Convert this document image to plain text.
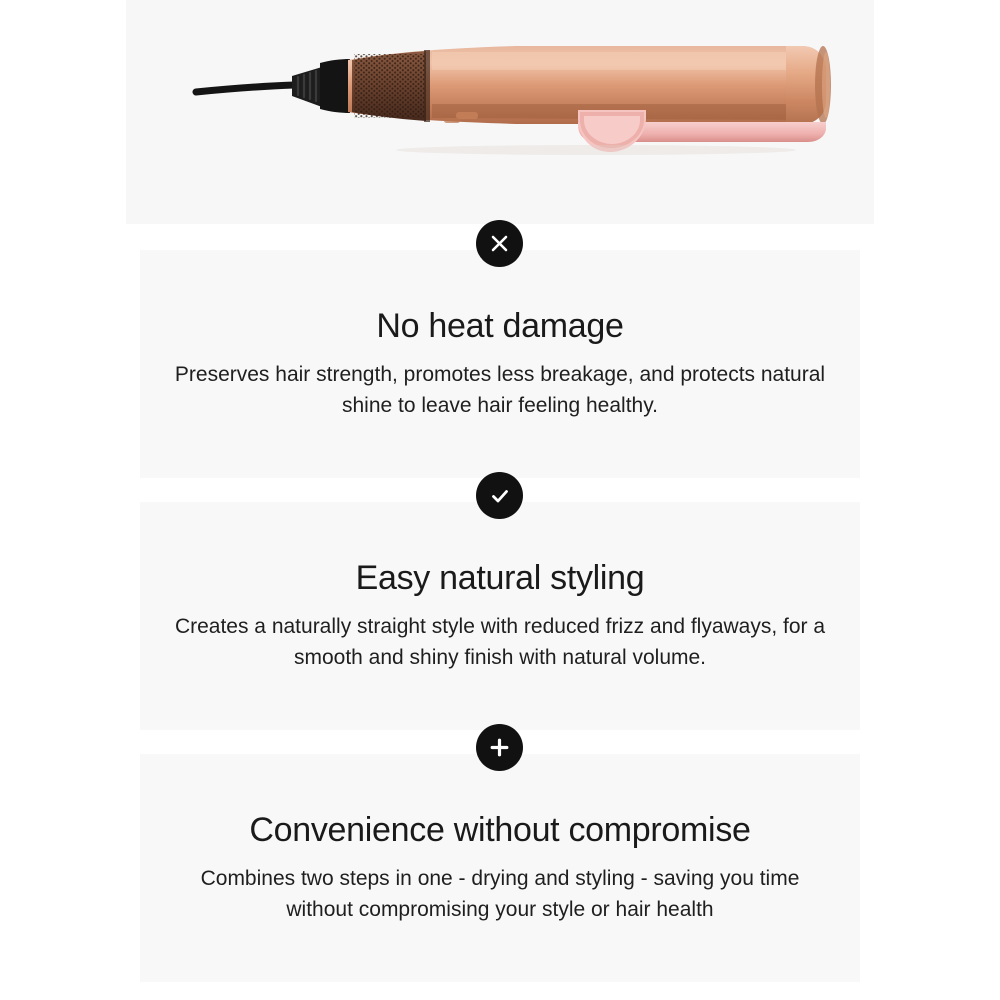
No heat damage

Preserves hair strength, promotes less breakage, and protects natural shine to leave hair feeling healthy.

Easy natural styling

Creates a naturally straight style with reduced frizz and flyaways, for a smooth and shiny finish with natural volume.

Convenience without compromise

Combines two steps in one - drying and styling - saving you time without compromising your style or hair health
